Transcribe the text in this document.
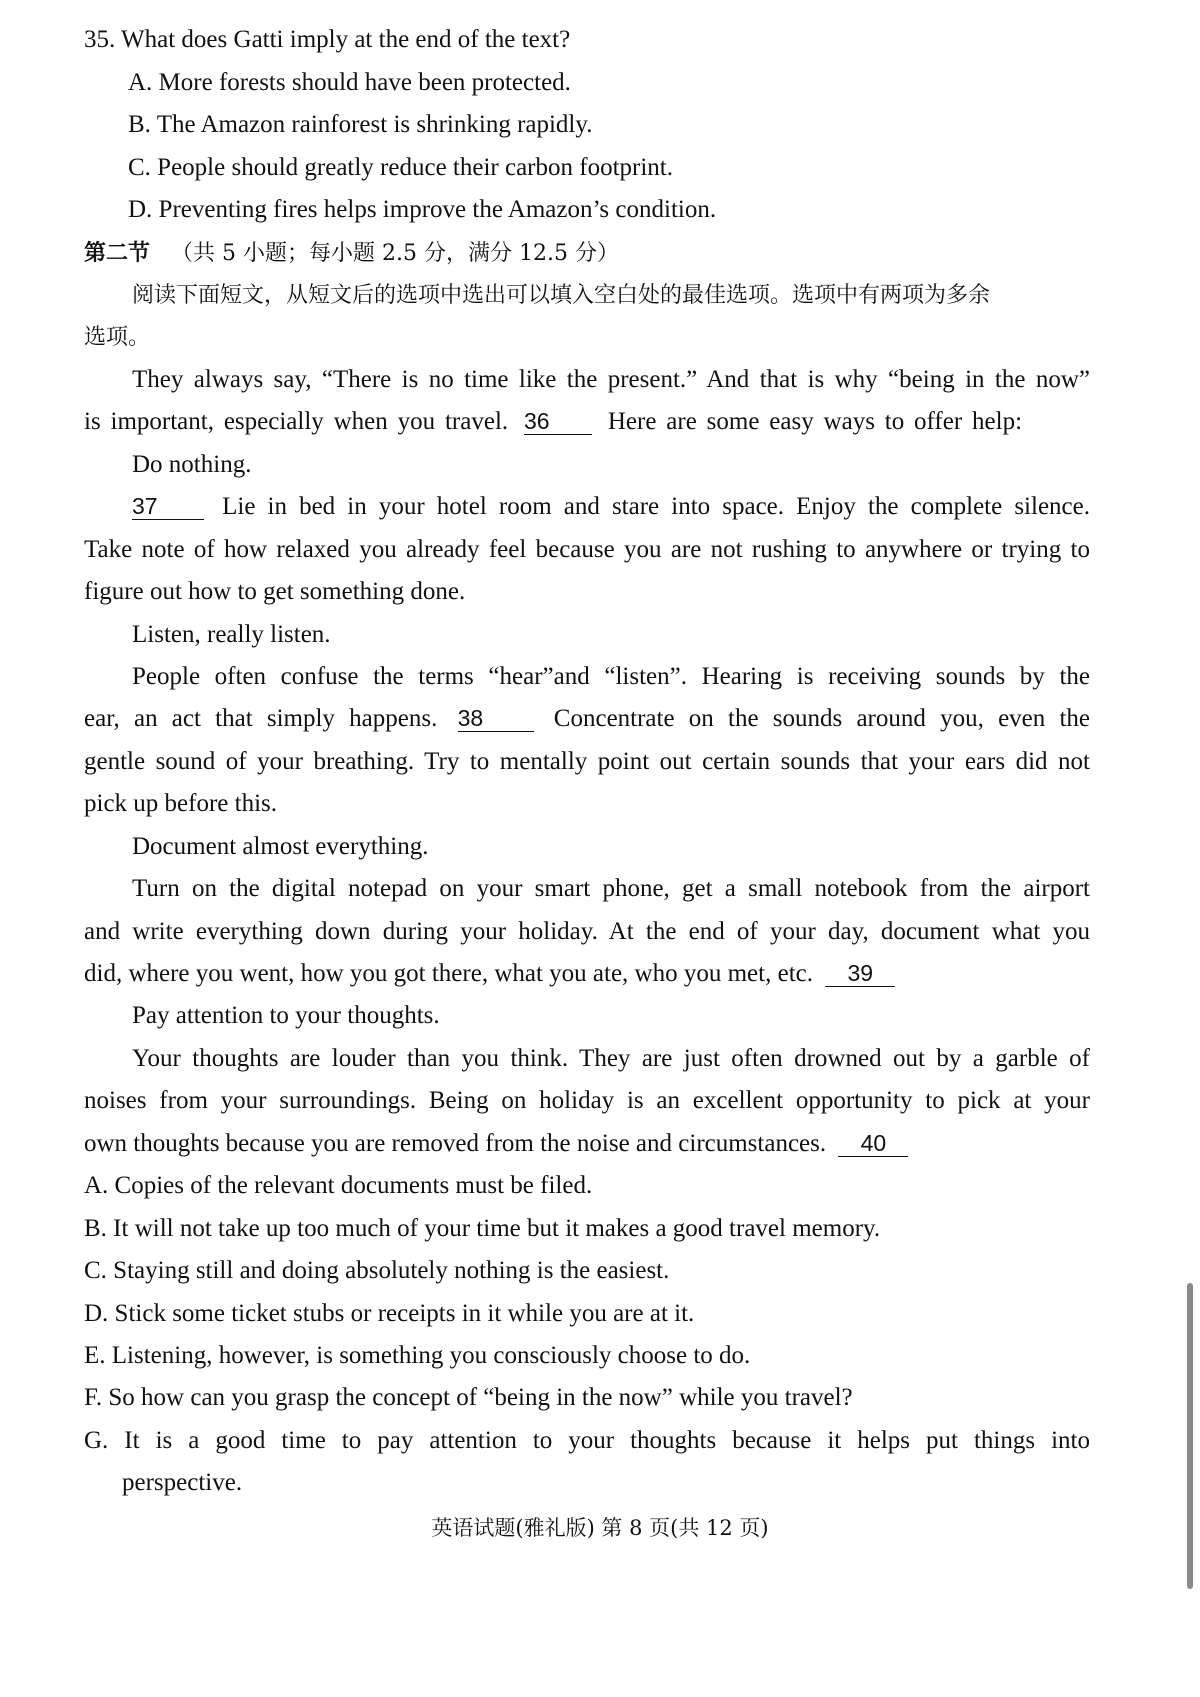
35. What does Gatti imply at the end of the text?
A. More forests should have been protected.
B. The Amazon rainforest is shrinking rapidly.
C. People should greatly reduce their carbon footprint.
D. Preventing fires helps improve the Amazon’s condition.
第二节 （共 5 小题；每小题 2.5 分，满分 12.5 分）
阅读下面短文，从短文后的选项中选出可以填入空白处的最佳选项。选项中有两项为多余
选项。
They always say, “There is no time like the present.” And that is why “being in the now”
is important, especially when you travel. 36 Here are some easy ways to offer help:
Do nothing.
37	Lie in bed in your hotel room and stare into space. Enjoy the complete silence.
Take note of how relaxed you already feel because you are not rushing to anywhere or trying to
figure out how to get something done.
Listen, really listen.
People often confuse the terms “hear”and “listen”. Hearing is receiving sounds by the
ear, an act that simply happens. 38	Concentrate on the sounds around you, even the
gentle sound of your breathing. Try to mentally point out certain sounds that your ears did not
pick up before this.
Document almost everything.
Turn on the digital notepad on your smart phone, get a small notebook from the airport
and write everything down during your holiday. At the end of your day, document what you
did, where you went, how you got there, what you ate, who you met, etc. 39
Pay attention to your thoughts.
Your thoughts are louder than you think. They are just often drowned out by a garble of
noises from your surroundings. Being on holiday is an excellent opportunity to pick at your
own thoughts because you are removed from the noise and circumstances. 40
A. Copies of the relevant documents must be filed.
B. It will not take up too much of your time but it makes a good travel memory.
C. Staying still and doing absolutely nothing is the easiest.
D. Stick some ticket stubs or receipts in it while you are at it.
E. Listening, however, is something you consciously choose to do.
F. So how can you grasp the concept of “being in the now” while you travel?
G. It is a good time to pay attention to your thoughts because it helps put things into
perspective.
英语试题(雅礼版) 第 8 页(共 12 页)
